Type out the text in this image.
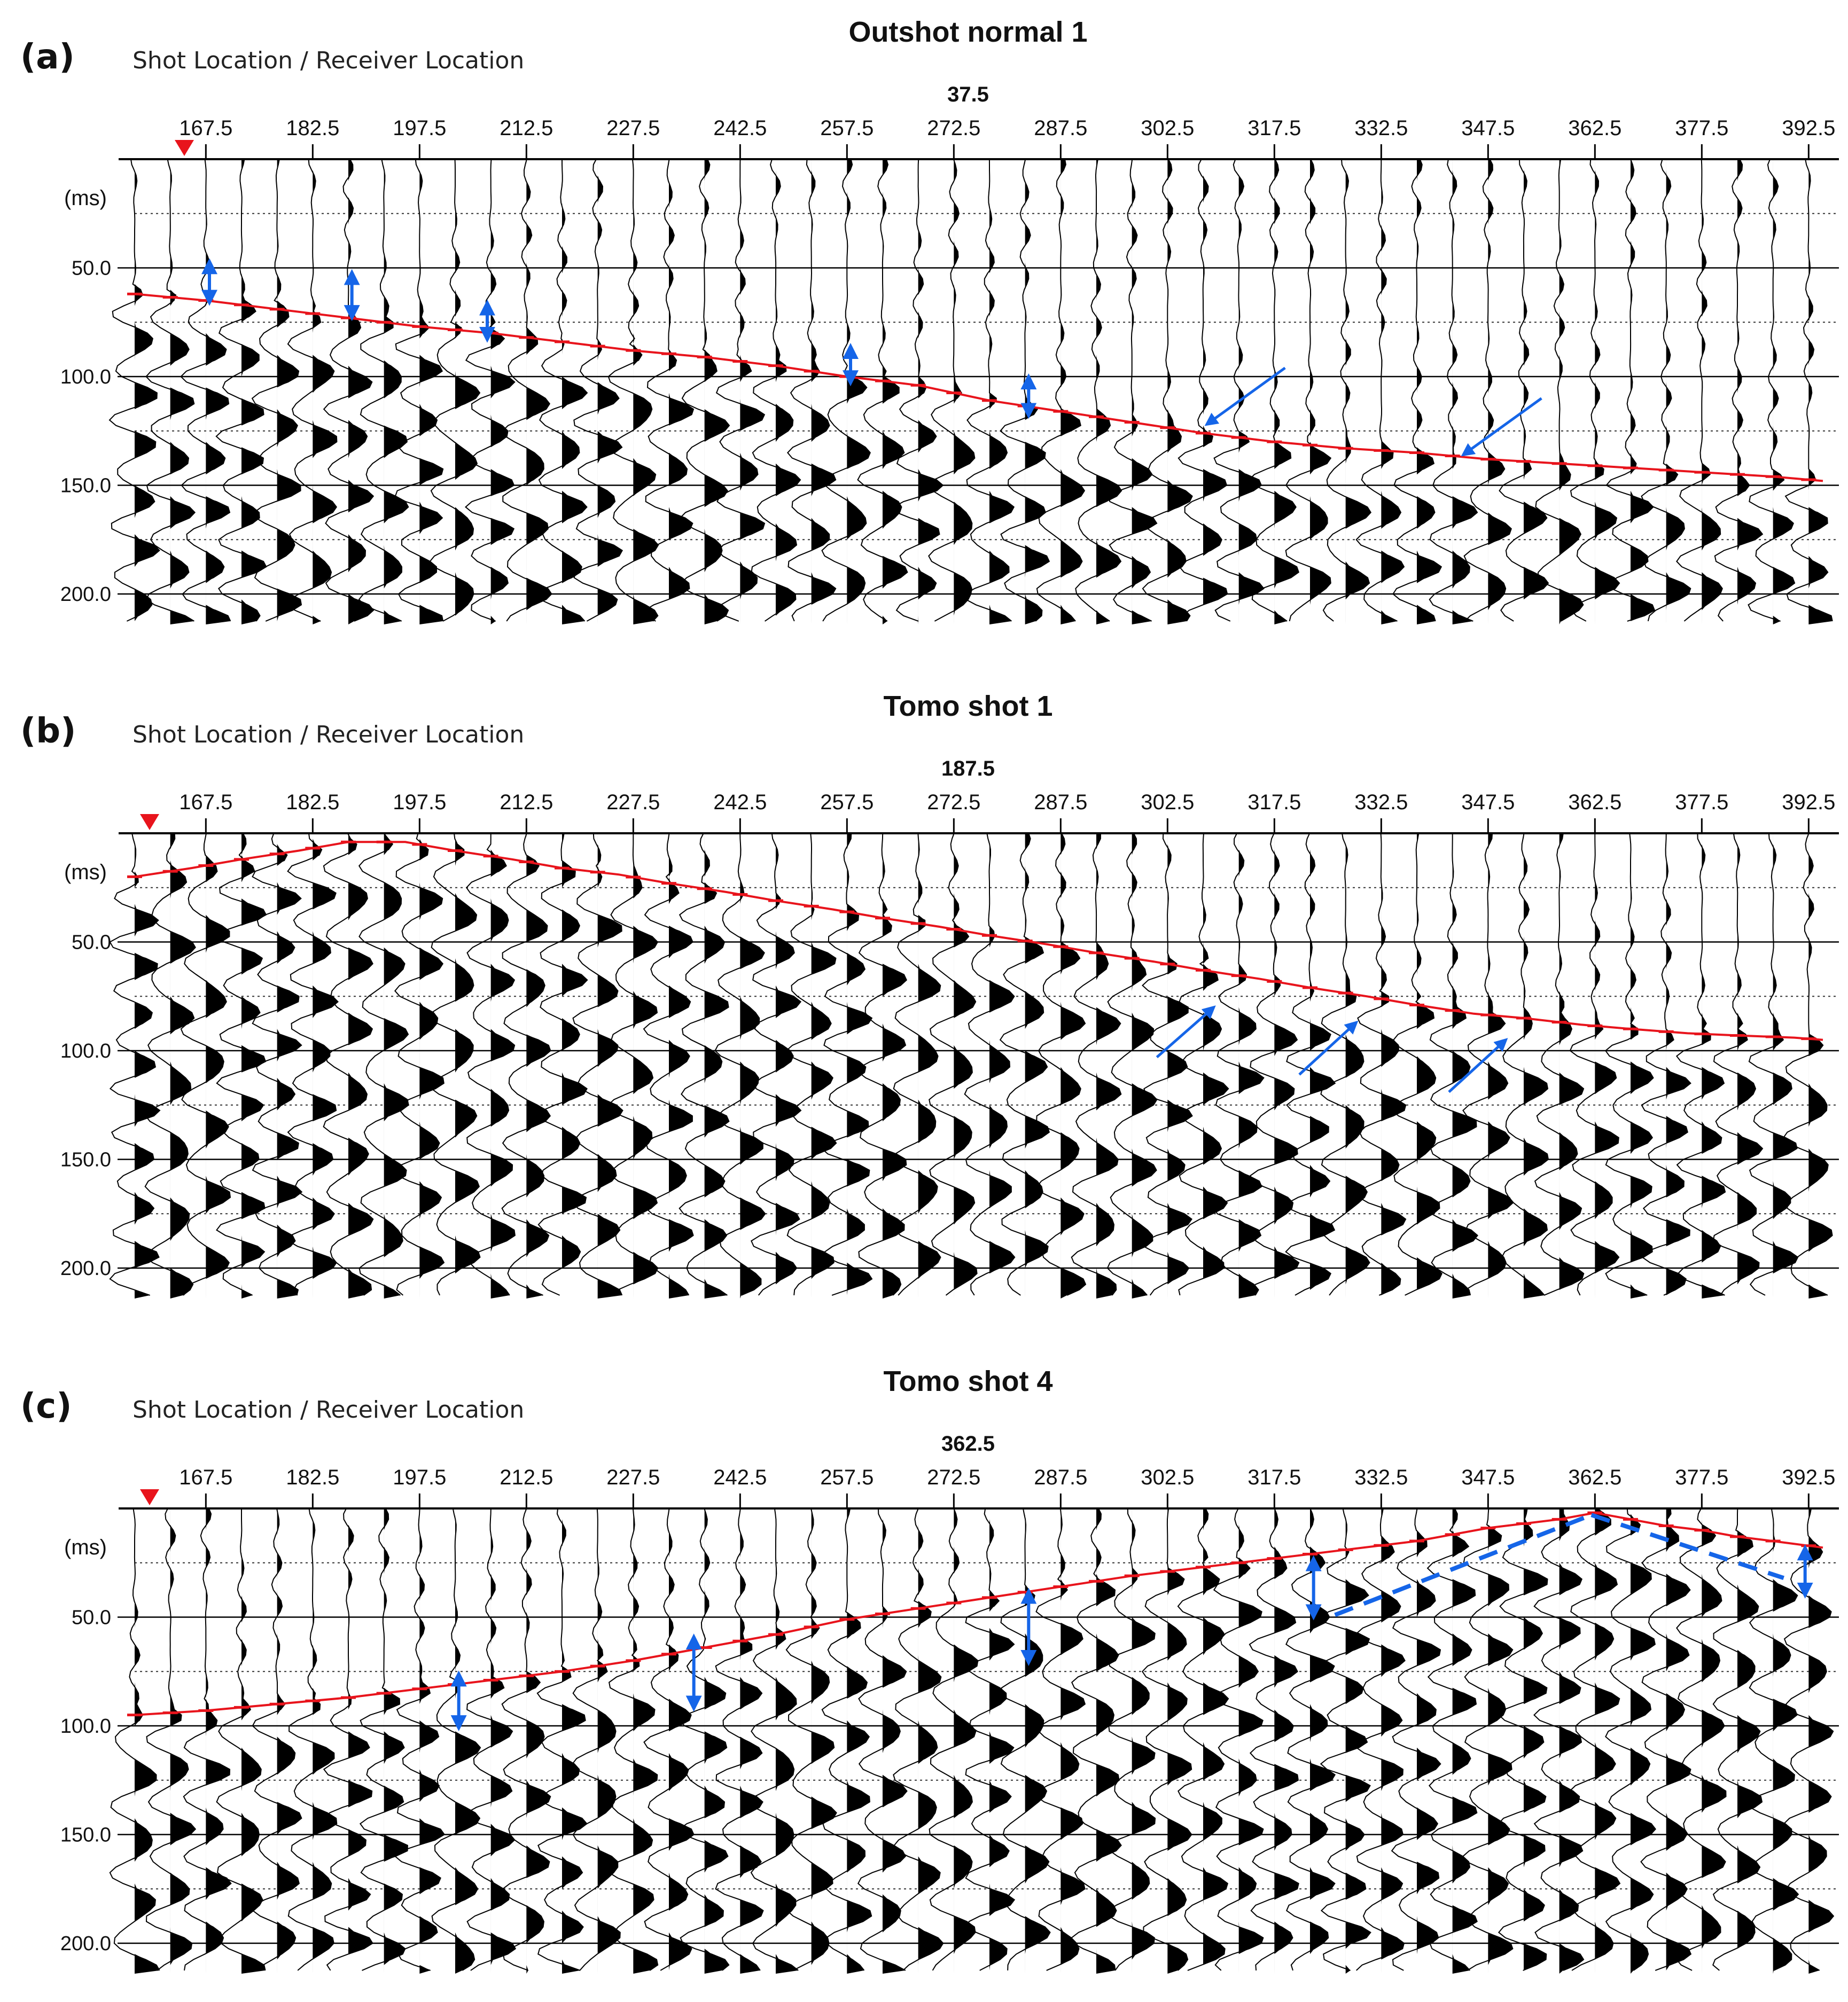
(a)
Outshot normal 1
Shot Location / Receiver Location
37.5
(ms)
167.5 182.5 197.5 212.5 227.5 242.5 257.5 272.5 287.5 302.5 317.5 332.5 347.5 362.5 377.5 392.5
50.0
100.0
150.0
200.0
(b)
Tomo shot 1
Shot Location / Receiver Location
187.5
(ms)
167.5 182.5 197.5 212.5 227.5 242.5 257.5 272.5 287.5 302.5 317.5 332.5 347.5 362.5 377.5 392.5
50.0
100.0
150.0
200.0
(c)
Tomo shot 4
Shot Location / Receiver Location
362.5
(ms)
167.5 182.5 197.5 212.5 227.5 242.5 257.5 272.5 287.5 302.5 317.5 332.5 347.5 362.5 377.5 392.5
50.0
100.0
150.0
200.0
